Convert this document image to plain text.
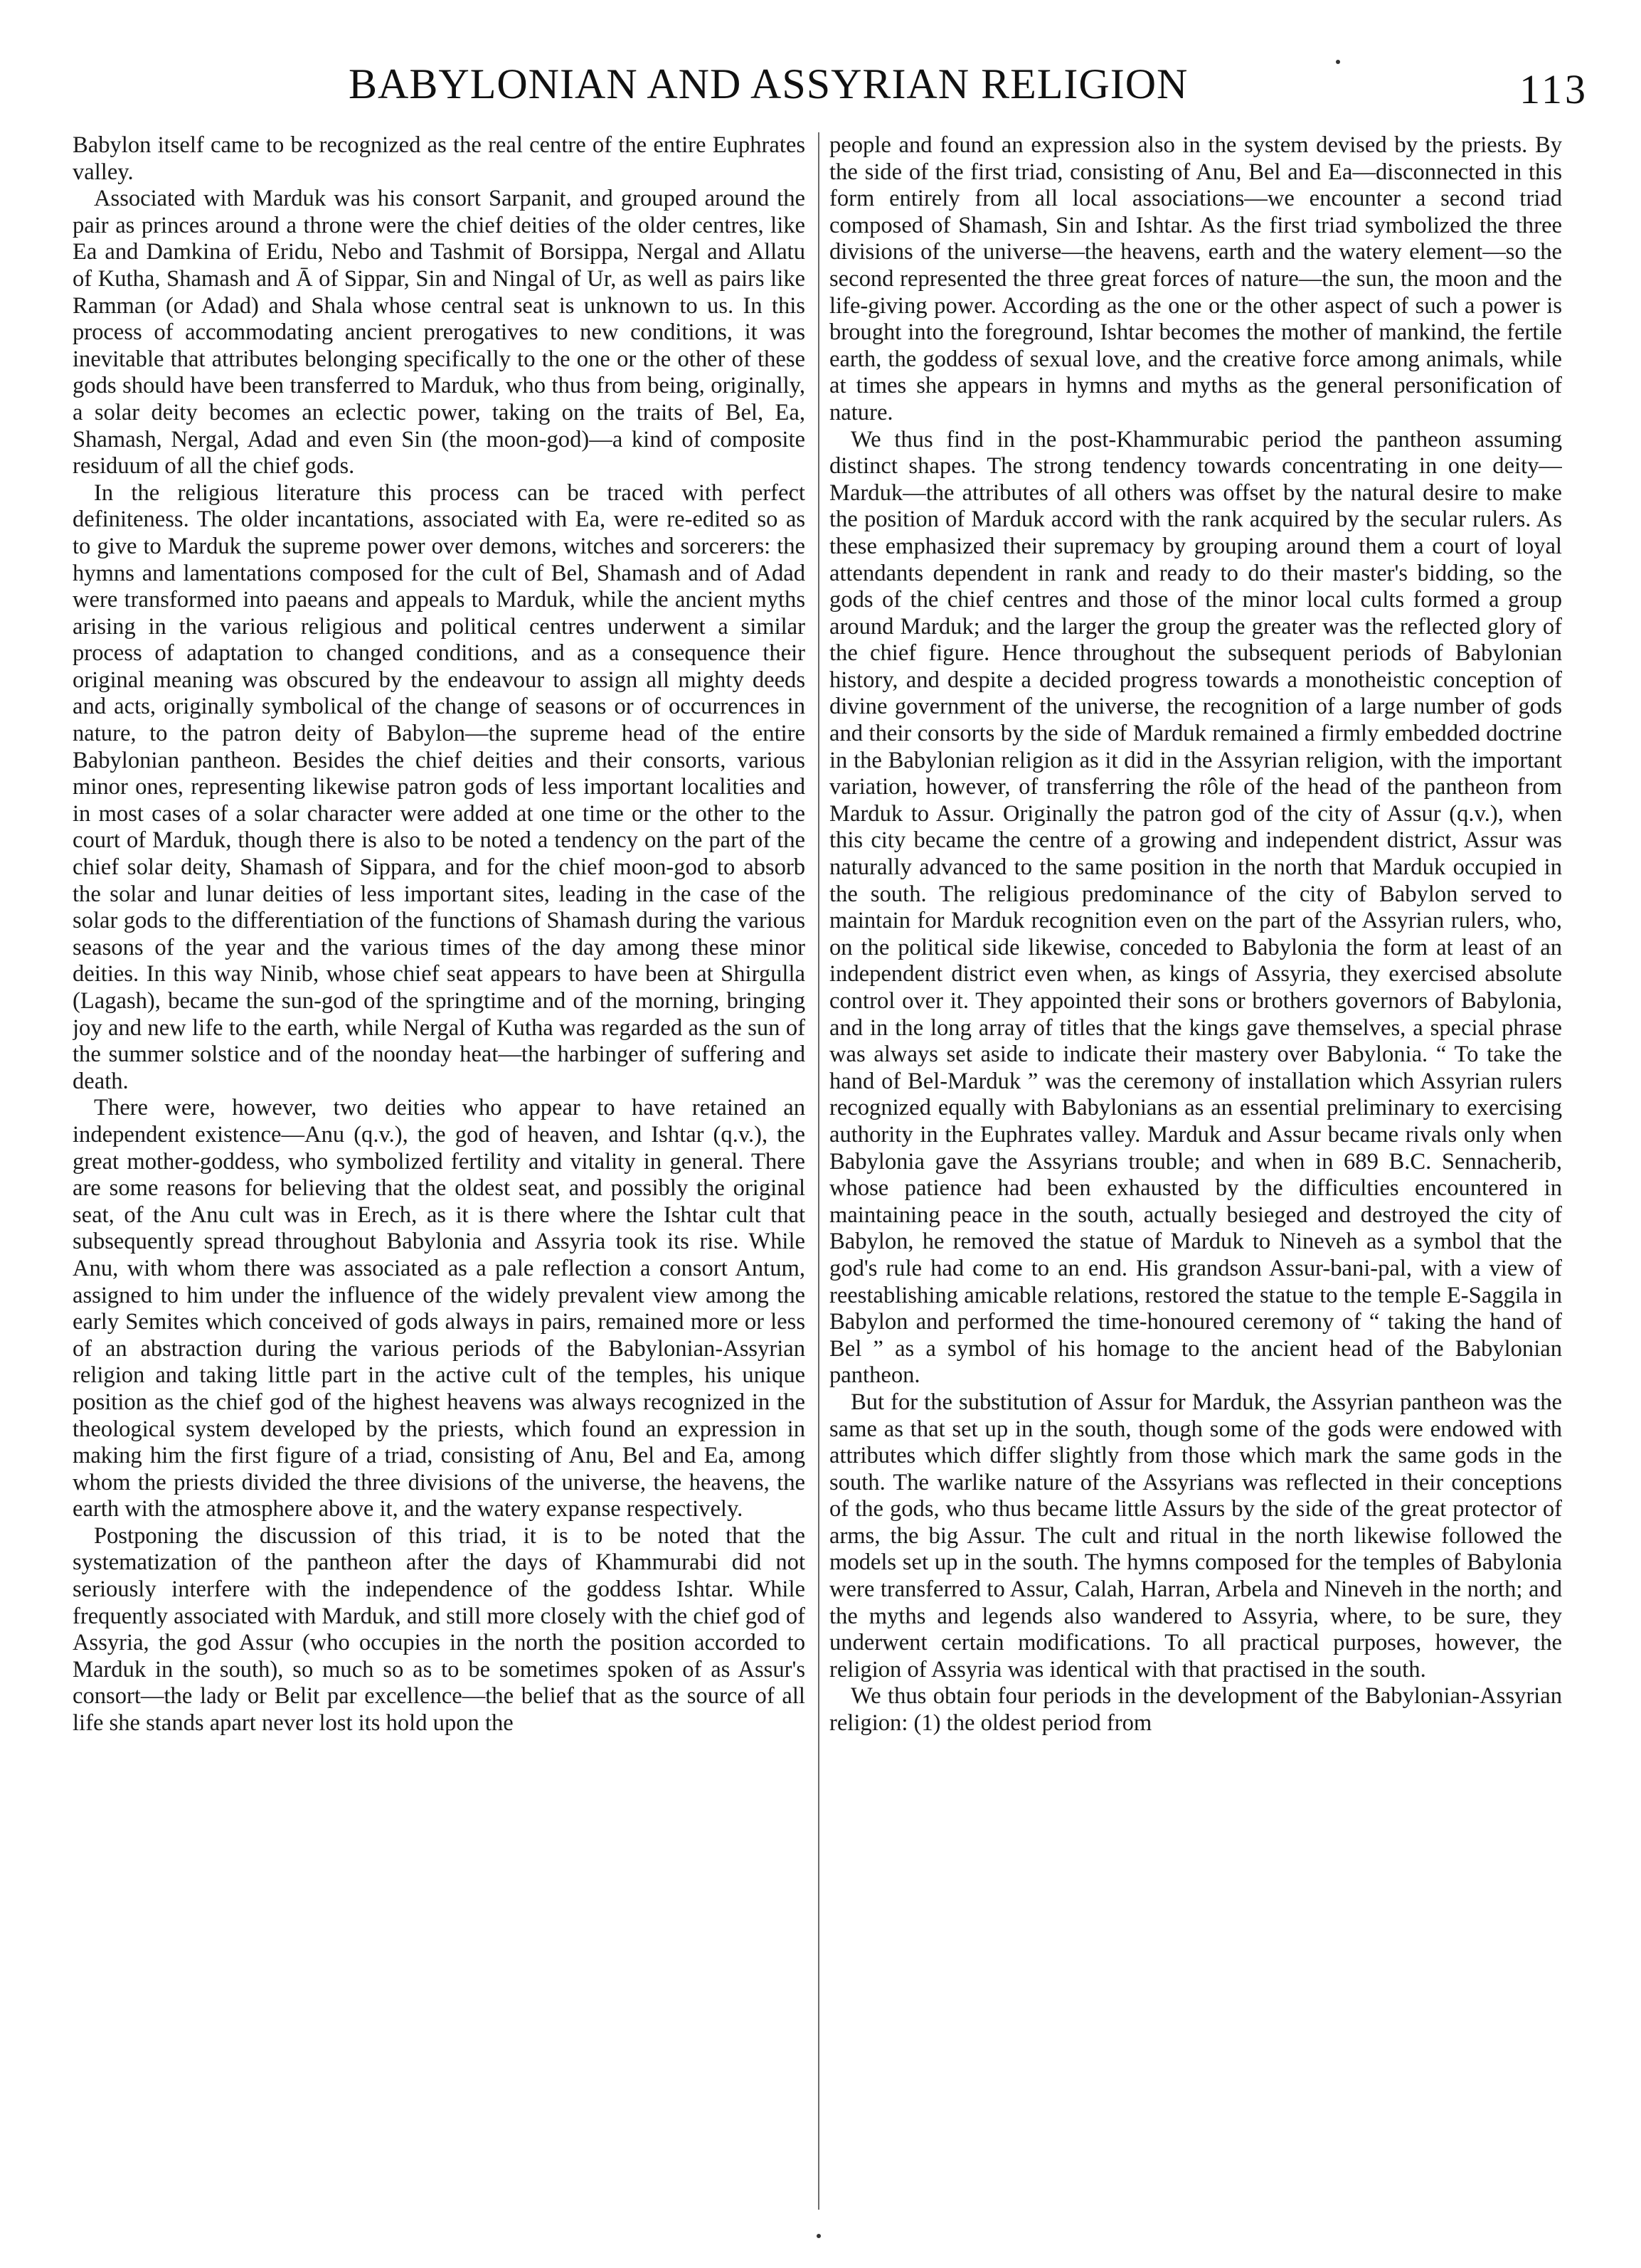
BABYLONIAN AND ASSYRIAN RELIGION	113

Babylon itself came to be recognized as the real centre of the entire Euphrates valley.

Associated with Marduk was his consort Sarpanit, and grouped around the pair as princes around a throne were the chief deities of the older centres, like Ea and Damkina of Eridu, Nebo and Tashmit of Borsippa, Nergal and Allatu of Kutha, Shamash and Ā of Sippar, Sin and Ningal of Ur, as well as pairs like Ramman (or Adad) and Shala whose central seat is unknown to us. In this process of accommodating ancient prerogatives to new conditions, it was inevitable that attributes belonging specifically to the one or the other of these gods should have been transferred to Marduk, who thus from being, originally, a solar deity becomes an eclectic power, taking on the traits of Bel, Ea, Shamash, Nergal, Adad and even Sin (the moon-god)—a kind of composite residuum of all the chief gods.

In the religious literature this process can be traced with perfect definiteness. The older incantations, associated with Ea, were re-edited so as to give to Marduk the supreme power over demons, witches and sorcerers: the hymns and lamentations composed for the cult of Bel, Shamash and of Adad were transformed into paeans and appeals to Marduk, while the ancient myths arising in the various religious and political centres underwent a similar process of adaptation to changed conditions, and as a consequence their original meaning was obscured by the endeavour to assign all mighty deeds and acts, originally symbolical of the change of seasons or of occurrences in nature, to the patron deity of Babylon—the supreme head of the entire Babylonian pantheon. Besides the chief deities and their consorts, various minor ones, representing likewise patron gods of less important localities and in most cases of a solar character were added at one time or the other to the court of Marduk, though there is also to be noted a tendency on the part of the chief solar deity, Shamash of Sippara, and for the chief moon-god to absorb the solar and lunar deities of less important sites, leading in the case of the solar gods to the differentiation of the functions of Shamash during the various seasons of the year and the various times of the day among these minor deities. In this way Ninib, whose chief seat appears to have been at Shirgulla (Lagash), became the sun-god of the springtime and of the morning, bringing joy and new life to the earth, while Nergal of Kutha was regarded as the sun of the summer solstice and of the noonday heat—the harbinger of suffering and death.

There were, however, two deities who appear to have retained an independent existence—Anu (q.v.), the god of heaven, and Ishtar (q.v.), the great mother-goddess, who symbolized fertility and vitality in general. There are some reasons for believing that the oldest seat, and possibly the original seat, of the Anu cult was in Erech, as it is there where the Ishtar cult that subsequently spread throughout Babylonia and Assyria took its rise. While Anu, with whom there was associated as a pale reflection a consort Antum, assigned to him under the influence of the widely prevalent view among the early Semites which conceived of gods always in pairs, remained more or less of an abstraction during the various periods of the Babylonian-Assyrian religion and taking little part in the active cult of the temples, his unique position as the chief god of the highest heavens was always recognized in the theological system developed by the priests, which found an expression in making him the first figure of a triad, consisting of Anu, Bel and Ea, among whom the priests divided the three divisions of the universe, the heavens, the earth with the atmosphere above it, and the watery expanse respectively.

Postponing the discussion of this triad, it is to be noted that the systematization of the pantheon after the days of Khammurabi did not seriously interfere with the independence of the goddess Ishtar. While frequently associated with Marduk, and still more closely with the chief god of Assyria, the god Assur (who occupies in the north the position accorded to Marduk in the south), so much so as to be sometimes spoken of as Assur's consort—the lady or Belit par excellence—the belief that as the source of all life she stands apart never lost its hold upon the

people and found an expression also in the system devised by the priests. By the side of the first triad, consisting of Anu, Bel and Ea—disconnected in this form entirely from all local associations—we encounter a second triad composed of Shamash, Sin and Ishtar. As the first triad symbolized the three divisions of the universe—the heavens, earth and the watery element—so the second represented the three great forces of nature—the sun, the moon and the life-giving power. According as the one or the other aspect of such a power is brought into the foreground, Ishtar becomes the mother of mankind, the fertile earth, the goddess of sexual love, and the creative force among animals, while at times she appears in hymns and myths as the general personification of nature.

We thus find in the post-Khammurabic period the pantheon assuming distinct shapes. The strong tendency towards concentrating in one deity—Marduk—the attributes of all others was offset by the natural desire to make the position of Marduk accord with the rank acquired by the secular rulers. As these emphasized their supremacy by grouping around them a court of loyal attendants dependent in rank and ready to do their master's bidding, so the gods of the chief centres and those of the minor local cults formed a group around Marduk; and the larger the group the greater was the reflected glory of the chief figure. Hence throughout the subsequent periods of Babylonian history, and despite a decided progress towards a monotheistic conception of divine government of the universe, the recognition of a large number of gods and their consorts by the side of Marduk remained a firmly embedded doctrine in the Babylonian religion as it did in the Assyrian religion, with the important variation, however, of transferring the rôle of the head of the pantheon from Marduk to Assur. Originally the patron god of the city of Assur (q.v.), when this city became the centre of a growing and independent district, Assur was naturally advanced to the same position in the north that Marduk occupied in the south. The religious predominance of the city of Babylon served to maintain for Marduk recognition even on the part of the Assyrian rulers, who, on the political side likewise, conceded to Babylonia the form at least of an independent district even when, as kings of Assyria, they exercised absolute control over it. They appointed their sons or brothers governors of Babylonia, and in the long array of titles that the kings gave themselves, a special phrase was always set aside to indicate their mastery over Babylonia. “ To take the hand of Bel-Marduk ” was the ceremony of installation which Assyrian rulers recognized equally with Babylonians as an essential preliminary to exercising authority in the Euphrates valley. Marduk and Assur became rivals only when Babylonia gave the Assyrians trouble; and when in 689 B.C. Sennacherib, whose patience had been exhausted by the difficulties encountered in maintaining peace in the south, actually besieged and destroyed the city of Babylon, he removed the statue of Marduk to Nineveh as a symbol that the god's rule had come to an end. His grandson Assur-bani-pal, with a view of reestablishing amicable relations, restored the statue to the temple E-Saggila in Babylon and performed the time-honoured ceremony of “ taking the hand of Bel ” as a symbol of his homage to the ancient head of the Babylonian pantheon.

But for the substitution of Assur for Marduk, the Assyrian pantheon was the same as that set up in the south, though some of the gods were endowed with attributes which differ slightly from those which mark the same gods in the south. The warlike nature of the Assyrians was reflected in their conceptions of the gods, who thus became little Assurs by the side of the great protector of arms, the big Assur. The cult and ritual in the north likewise followed the models set up in the south. The hymns composed for the temples of Babylonia were transferred to Assur, Calah, Harran, Arbela and Nineveh in the north; and the myths and legends also wandered to Assyria, where, to be sure, they underwent certain modifications. To all practical purposes, however, the religion of Assyria was identical with that practised in the south.

We thus obtain four periods in the development of the Babylonian-Assyrian religion: (1) the oldest period from
